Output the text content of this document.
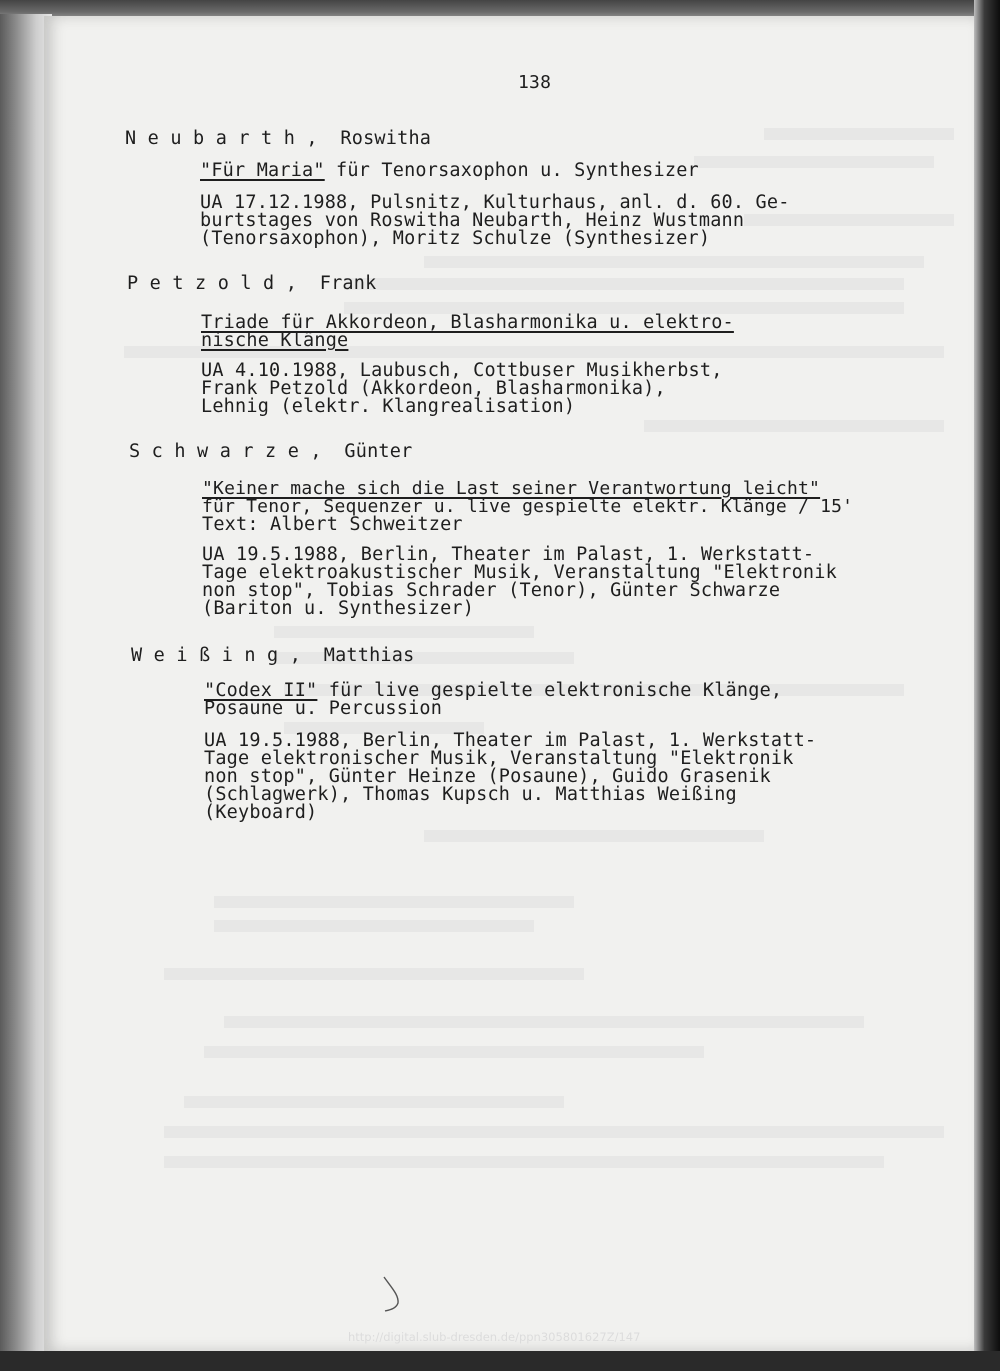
138

N e u b a r t h ,  Roswitha

"Für Maria" für Tenorsaxophon u. Synthesizer

UA 17.12.1988, Pulsnitz, Kulturhaus, anl. d. 60. Ge-

burtstages von Roswitha Neubarth, Heinz Wustmann

(Tenorsaxophon), Moritz Schulze (Synthesizer)

P e t z o l d ,  Frank

Triade für Akkordeon, Blasharmonika u. elektro-

nische Klänge

UA 4.10.1988, Laubusch, Cottbuser Musikherbst,

Frank Petzold (Akkordeon, Blasharmonika),

Lehnig (elektr. Klangrealisation)

S c h w a r z e ,  Günter

"Keiner mache sich die Last seiner Verantwortung leicht"

für Tenor, Sequenzer u. live gespielte elektr. Klänge / 15'

Text: Albert Schweitzer

UA 19.5.1988, Berlin, Theater im Palast, 1. Werkstatt-

Tage elektroakustischer Musik, Veranstaltung "Elektronik

non stop", Tobias Schrader (Tenor), Günter Schwarze

(Bariton u. Synthesizer)

W e i ß i n g ,  Matthias

"Codex II" für live gespielte elektronische Klänge,

Posaune u. Percussion

UA 19.5.1988, Berlin, Theater im Palast, 1. Werkstatt-

Tage elektronischer Musik, Veranstaltung "Elektronik

non stop", Günter Heinze (Posaune), Guido Grasenik

(Schlagwerk), Thomas Kupsch u. Matthias Weißing

(Keyboard)

http://digital.slub-dresden.de/ppn305801627Z/147
